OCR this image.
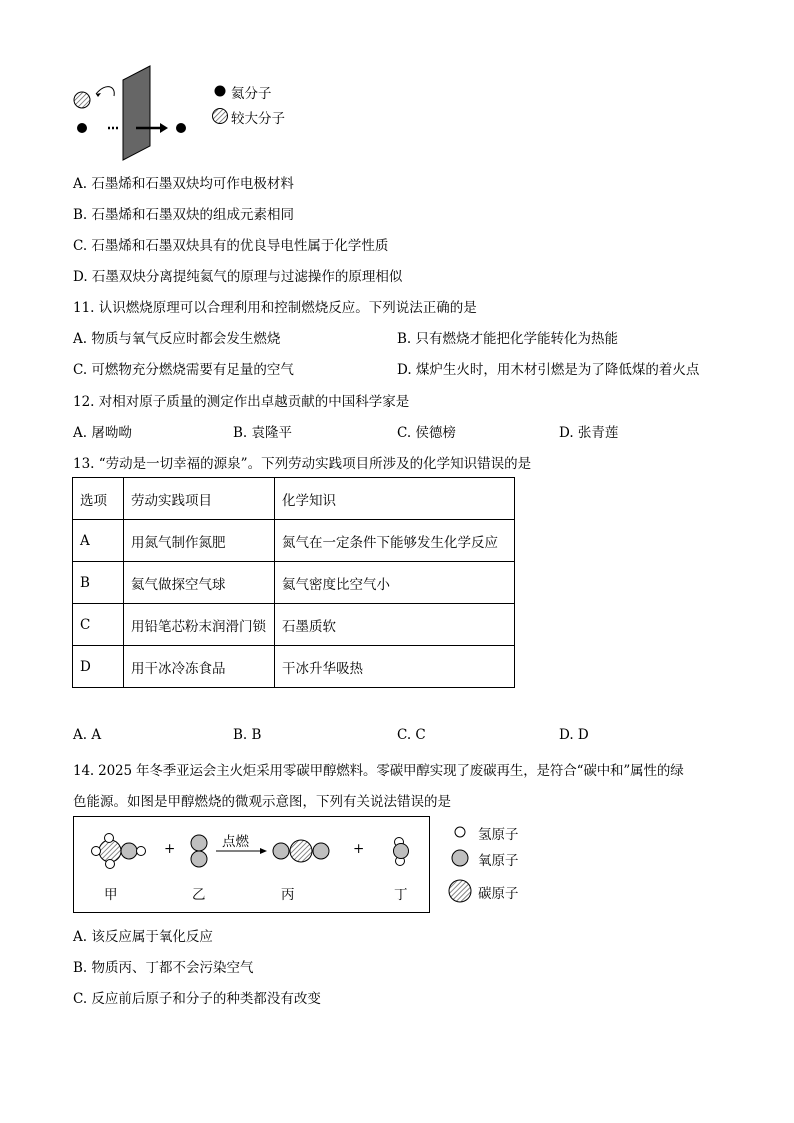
氦分子
较大分子
A. 石墨烯和石墨双炔均可作电极材料
B. 石墨烯和石墨双炔的组成元素相同
C. 石墨烯和石墨双炔具有的优良导电性属于化学性质
D. 石墨双炔分离提纯氦气的原理与过滤操作的原理相似
11. 认识燃烧原理可以合理利用和控制燃烧反应。下列说法正确的是
A. 物质与氧气反应时都会发生燃烧	B. 只有燃烧才能把化学能转化为热能
C. 可燃物充分燃烧需要有足量的空气	D. 煤炉生火时，用木材引燃是为了降低煤的着火点
12. 对相对原子质量的测定作出卓越贡献的中国科学家是
A. 屠呦呦	B. 袁隆平	C. 侯德榜	D. 张青莲
13. “劳动是一切幸福的源泉”。下列劳动实践项目所涉及的化学知识错误的是
选项	劳动实践项目	化学知识
A	用氮气制作氮肥	氮气在一定条件下能够发生化学反应
B	氦气做探空气球	氦气密度比空气小
C	用铅笔芯粉末润滑门锁	石墨质软
D	用干冰冷冻食品	干冰升华吸热
A. A	B. B	C. C	D. D
14. 2025 年冬季亚运会主火炬采用零碳甲醇燃料。零碳甲醇实现了废碳再生，是符合“碳中和”属性的绿
色能源。如图是甲醇燃烧的微观示意图，下列有关说法错误的是
+	+
点燃
甲	乙	丙	丁
氢原子
氧原子
碳原子
A. 该反应属于氧化反应
B. 物质丙、丁都不会污染空气
C. 反应前后原子和分子的种类都没有改变
